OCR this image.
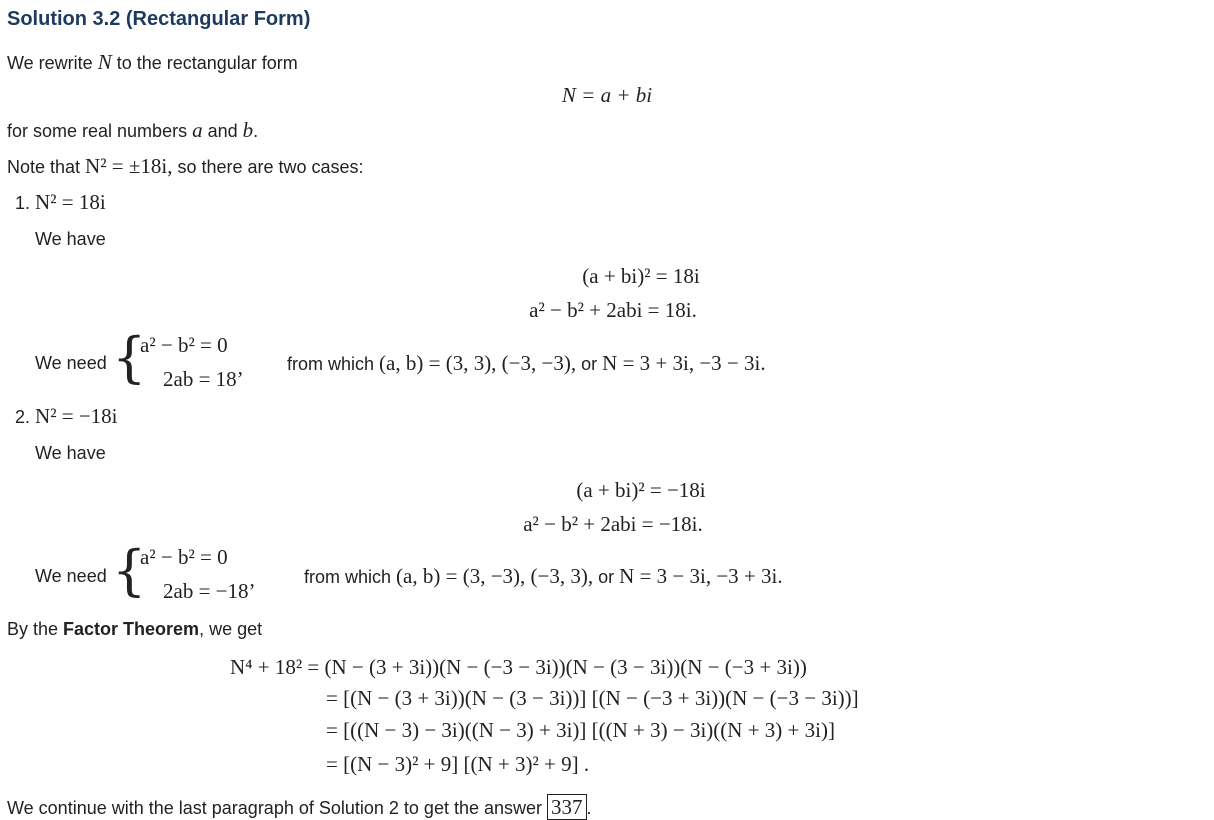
Solution 3.2 (Rectangular Form)
We rewrite N to the rectangular form
N = a + bi
for some real numbers a and b.
Note that N² = ±18i, so there are two cases:
1. N² = 18i
We have
(a + bi)² = 18i
a² − b² + 2abi = 18i.
We need {
a² − b² = 0
2ab = 18’
from which (a, b) = (3, 3), (−3, −3), or N = 3 + 3i, −3 − 3i.
2. N² = −18i
We have
(a + bi)² = −18i
a² − b² + 2abi = −18i.
We need {
a² − b² = 0
2ab = −18’
from which (a, b) = (3, −3), (−3, 3), or N = 3 − 3i, −3 + 3i.
By the Factor Theorem, we get
N⁴ + 18² = (N − (3 + 3i))(N − (−3 − 3i))(N − (3 − 3i))(N − (−3 + 3i))
= [(N − (3 + 3i))(N − (3 − 3i))] [(N − (−3 + 3i))(N − (−3 − 3i))]
= [((N − 3) − 3i)((N − 3) + 3i)] [((N + 3) − 3i)((N + 3) + 3i)]
= [(N − 3)² + 9] [(N + 3)² + 9] .
We continue with the last paragraph of Solution 2 to get the answer 337 .
